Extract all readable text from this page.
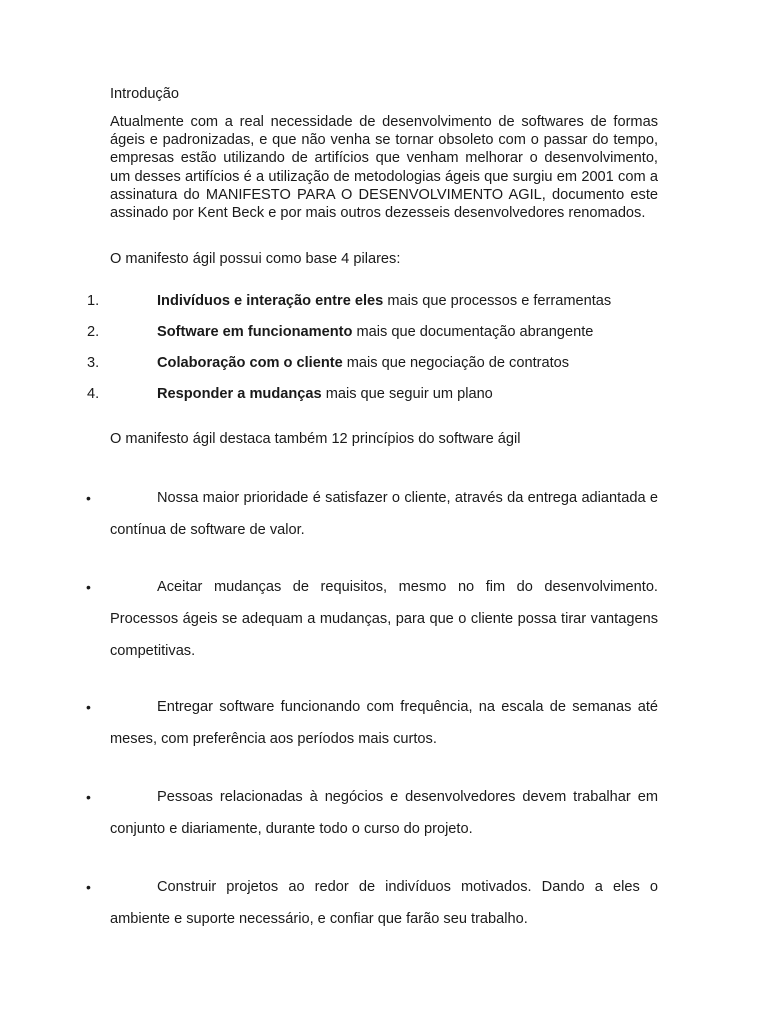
Introdução
Atualmente com a real necessidade de desenvolvimento de softwares de formas ágeis e padronizadas, e que não venha se tornar obsoleto com o passar do tempo, empresas estão utilizando de artifícios que venham melhorar o desenvolvimento, um desses artifícios é a utilização de metodologias ágeis que surgiu em 2001 com a assinatura do MANIFESTO PARA O DESENVOLVIMENTO AGIL, documento este assinado por Kent Beck e por mais outros dezesseis desenvolvedores renomados.
O manifesto ágil possui como base 4 pilares:
1.	Indivíduos e interação entre eles mais que processos e ferramentas
2.	Software em funcionamento mais que documentação abrangente
3.	Colaboração com o cliente mais que negociação de contratos
4.	Responder a mudanças mais que seguir um plano
O manifesto ágil destaca também 12 princípios do software ágil
•	Nossa maior prioridade é satisfazer o cliente, através da entrega adiantada e contínua de software de valor.
•	Aceitar mudanças de requisitos, mesmo no fim do desenvolvimento. Processos ágeis se adequam a mudanças, para que o cliente possa tirar vantagens competitivas.
•	Entregar software funcionando com frequência, na escala de semanas até meses, com preferência aos períodos mais curtos.
•	Pessoas relacionadas à negócios e desenvolvedores devem trabalhar em conjunto e diariamente, durante todo o curso do projeto.
•	Construir projetos ao redor de indivíduos motivados. Dando a eles o ambiente e suporte necessário, e confiar que farão seu trabalho.
